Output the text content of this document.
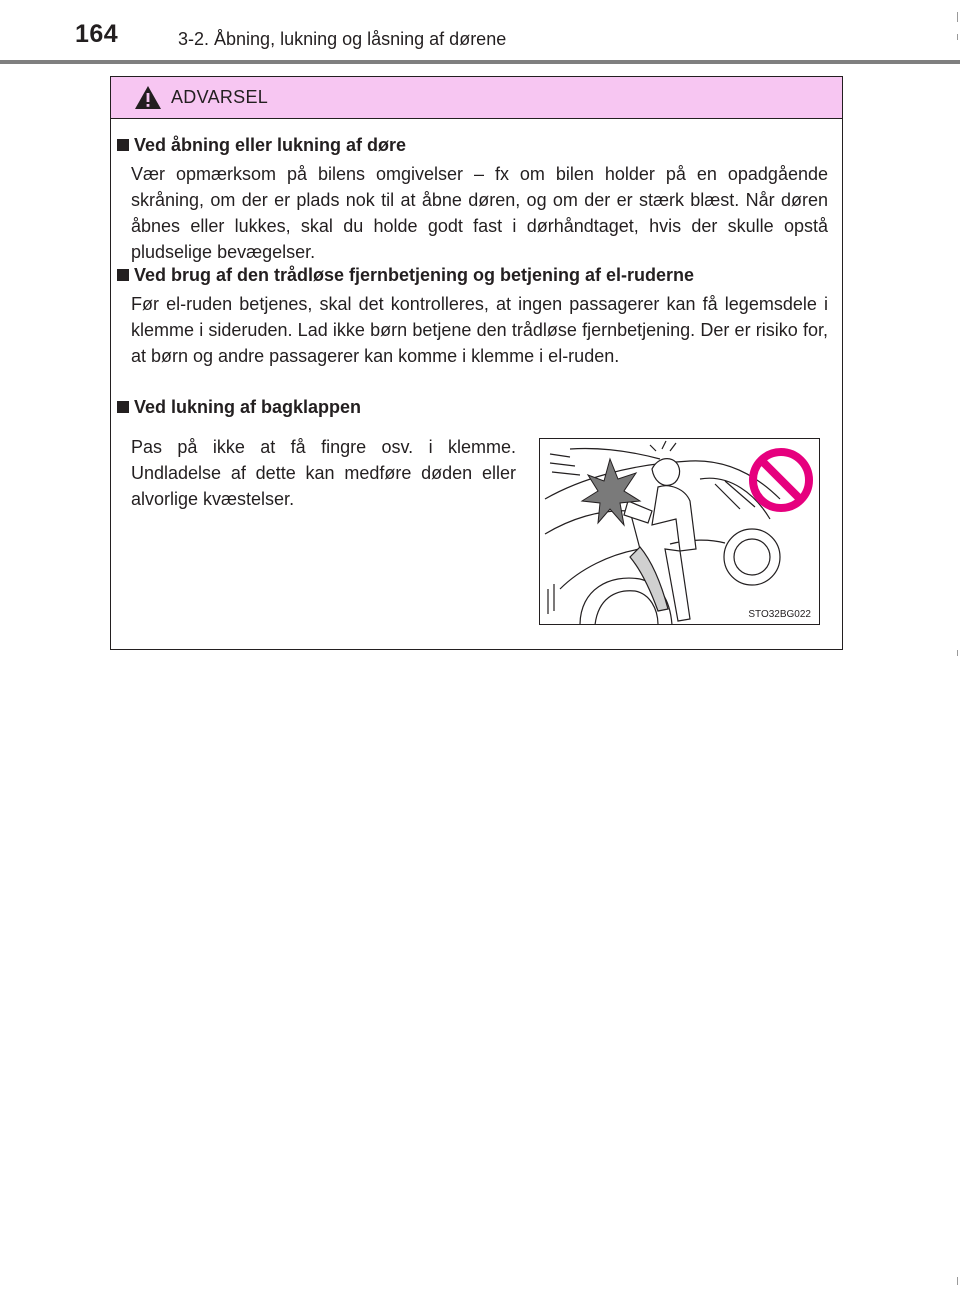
164	3-2. Åbning, lukning og låsning af dørene
ADVARSEL
Ved åbning eller lukning af døre
Vær opmærksom på bilens omgivelser – fx om bilen holder på en opadgående skråning, om der er plads nok til at åbne døren, og om der er stærk blæst. Når døren åbnes eller lukkes, skal du holde godt fast i dørhåndtaget, hvis der skulle opstå pludselige bevægelser.
Ved brug af den trådløse fjernbetjening og betjening af el-ruderne
Før el-ruden betjenes, skal det kontrolleres, at ingen passagerer kan få legemsdele i klemme i sideruden. Lad ikke børn betjene den trådløse fjernbetjening. Der er risiko for, at børn og andre passagerer kan komme i klemme i el-ruden.
Ved lukning af bagklappen
Pas på ikke at få fingre osv. i klemme. Undladelse af dette kan medføre døden eller alvorlige kvæstelser.
STO32BG022
